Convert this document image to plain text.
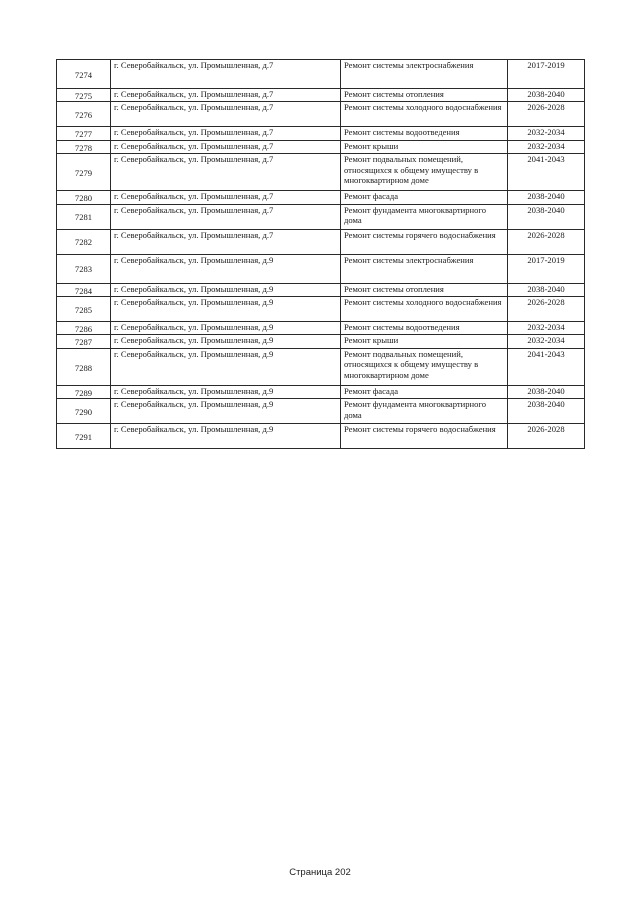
7274	г. Северобайкальск, ул. Промышленная, д.7	Ремонт системы электроснабжения	2017-2019
7275	г. Северобайкальск, ул. Промышленная, д.7	Ремонт системы отопления	2038-2040
7276	г. Северобайкальск, ул. Промышленная, д.7	Ремонт системы холодного водоснабжения	2026-2028
7277	г. Северобайкальск, ул. Промышленная, д.7	Ремонт системы водоотведения	2032-2034
7278	г. Северобайкальск, ул. Промышленная, д.7	Ремонт крыши	2032-2034
7279	г. Северобайкальск, ул. Промышленная, д.7	Ремонт подвальных помещений, относящихся к общему имуществу в многоквартирном доме	2041-2043
7280	г. Северобайкальск, ул. Промышленная, д.7	Ремонт фасада	2038-2040
7281	г. Северобайкальск, ул. Промышленная, д.7	Ремонт фундамента многоквартирного дома	2038-2040
7282	г. Северобайкальск, ул. Промышленная, д.7	Ремонт системы горячего водоснабжения	2026-2028
7283	г. Северобайкальск, ул. Промышленная, д.9	Ремонт системы электроснабжения	2017-2019
7284	г. Северобайкальск, ул. Промышленная, д.9	Ремонт системы отопления	2038-2040
7285	г. Северобайкальск, ул. Промышленная, д.9	Ремонт системы холодного водоснабжения	2026-2028
7286	г. Северобайкальск, ул. Промышленная, д.9	Ремонт системы водоотведения	2032-2034
7287	г. Северобайкальск, ул. Промышленная, д.9	Ремонт крыши	2032-2034
7288	г. Северобайкальск, ул. Промышленная, д.9	Ремонт подвальных помещений, относящихся к общему имуществу в многоквартирном доме	2041-2043
7289	г. Северобайкальск, ул. Промышленная, д.9	Ремонт фасада	2038-2040
7290	г. Северобайкальск, ул. Промышленная, д.9	Ремонт фундамента многоквартирного дома	2038-2040
7291	г. Северобайкальск, ул. Промышленная, д.9	Ремонт системы горячего водоснабжения	2026-2028
Страница 202
